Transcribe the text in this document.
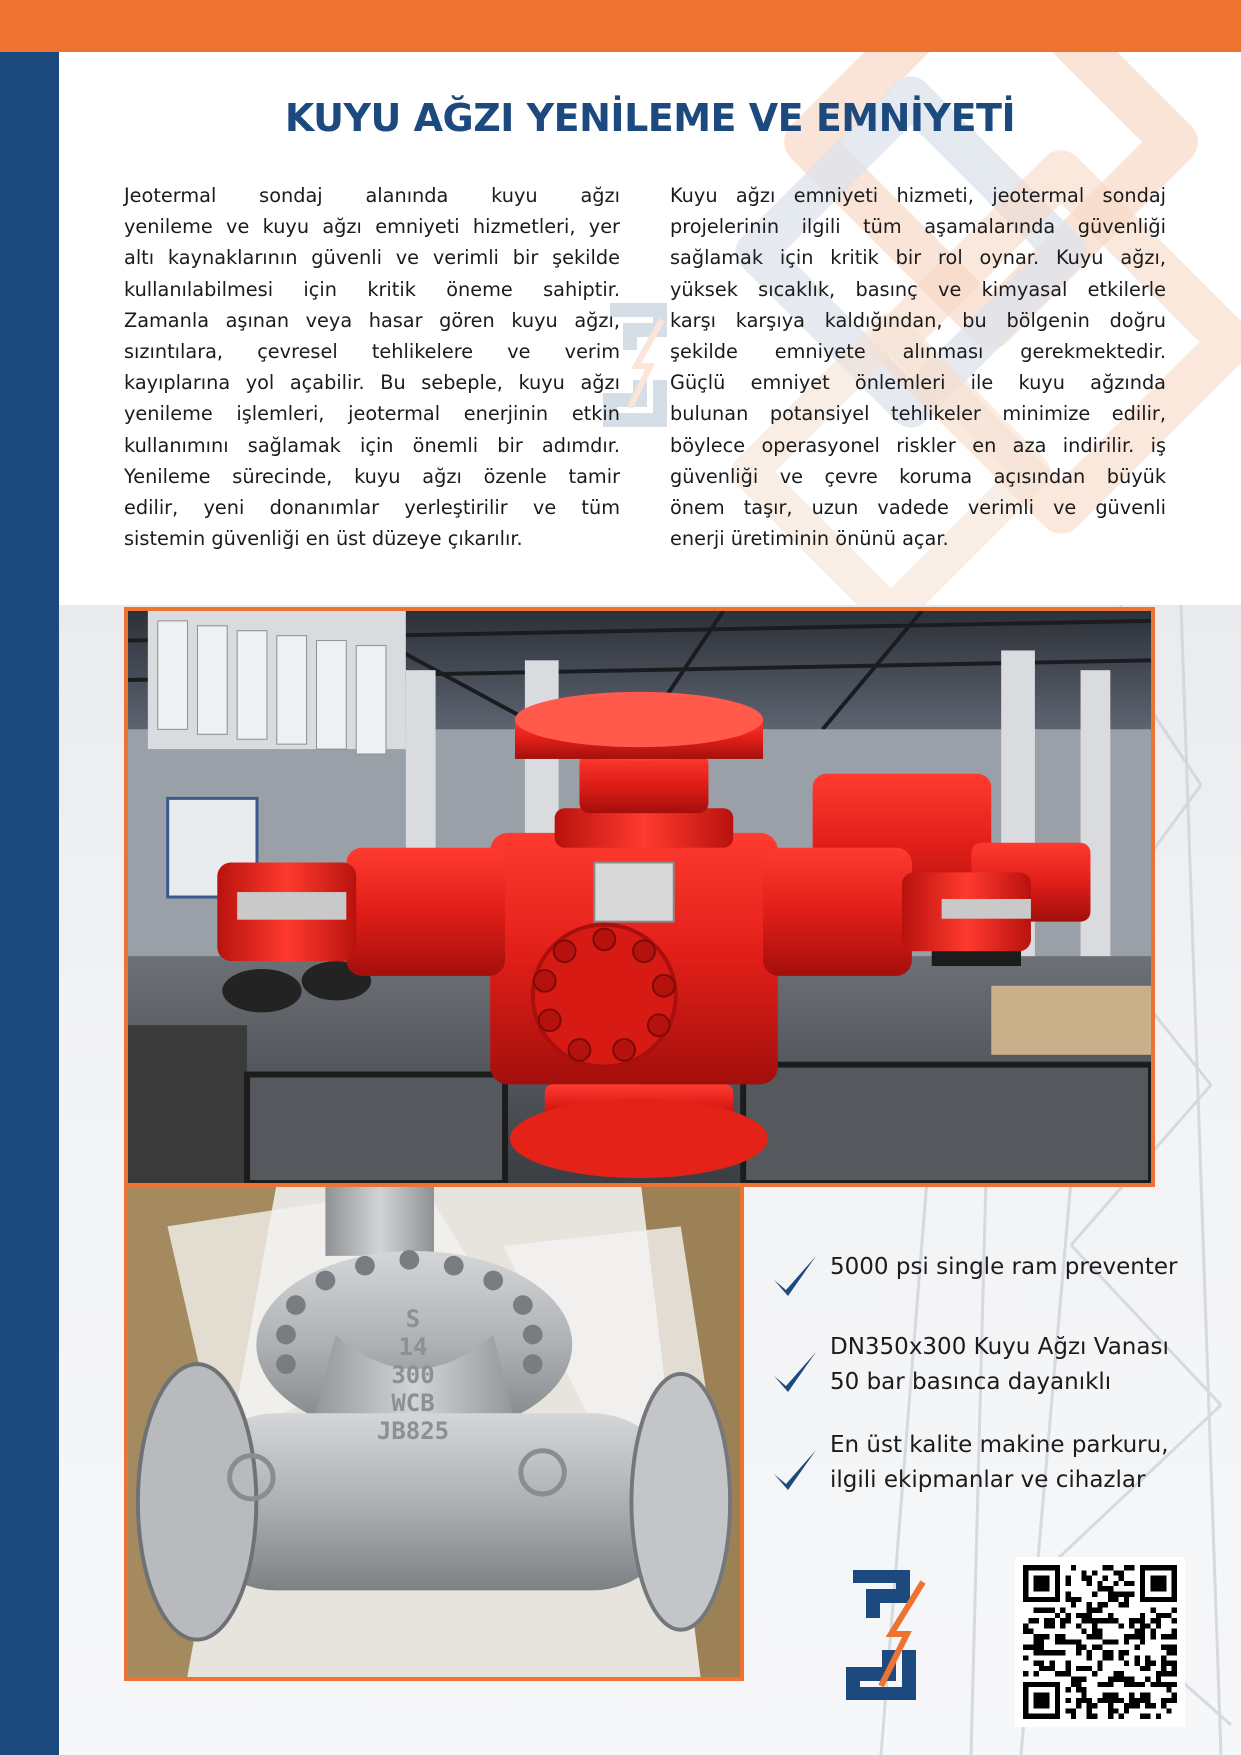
KUYU AĞZI YENİLEME VE EMNİYETİ
Jeotermal sondaj alanında kuyu ağzı
yenileme ve kuyu ağzı emniyeti hizmetleri, yer
altı kaynaklarının güvenli ve verimli bir şekilde
kullanılabilmesi için kritik öneme sahiptir.
Zamanla aşınan veya hasar gören kuyu ağzı,
sızıntılara, çevresel tehlikelere ve verim
kayıplarına yol açabilir. Bu sebeple, kuyu ağzı
yenileme işlemleri, jeotermal enerjinin etkin
kullanımını sağlamak için önemli bir adımdır.
Yenileme sürecinde, kuyu ağzı özenle tamir
edilir, yeni donanımlar yerleştirilir ve tüm
sistemin güvenliği en üst düzeye çıkarılır.
Kuyu ağzı emniyeti hizmeti, jeotermal sondaj
projelerinin ilgili tüm aşamalarında güvenliği
sağlamak için kritik bir rol oynar. Kuyu ağzı,
yüksek sıcaklık, basınç ve kimyasal etkilerle
karşı karşıya kaldığından, bu bölgenin doğru
şekilde emniyete alınması gerekmektedir.
Güçlü emniyet önlemleri ile kuyu ağzında
bulunan potansiyel tehlikeler minimize edilir,
böylece operasyonel riskler en aza indirilir. iş
güvenliği ve çevre koruma açısından büyük
önem taşır, uzun vadede verimli ve güvenli
enerji üretiminin önünü açar.
S
14
300
WCB
JB825
5000 psi single ram preventer
DN350x300 Kuyu Ağzı Vanası
50 bar basınca dayanıklı
En üst kalite makine parkuru,
ilgili ekipmanlar ve cihazlar
